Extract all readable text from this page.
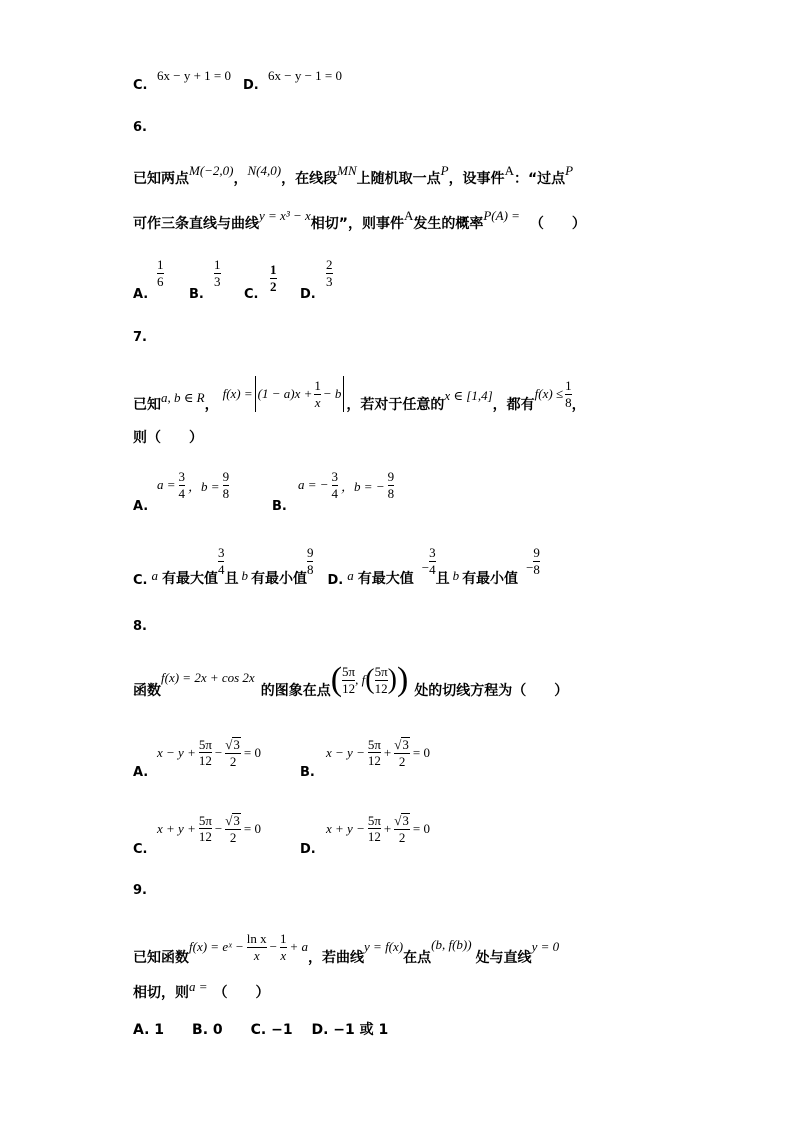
C.
6x − y + 1 = 0
D.
6x − y − 1 = 0
6.
已知两点M(−2,0)，N(4,0)，在线段MN上随机取一点P，设事件A：“过点P
可作三条直线与曲线y = x³ − x相切”，则事件A发生的概率P(A) =（　　）
A.
1
6
B.
1
3
C.
1
2
D.
2
3
7.
已知 a, b ∈ R ，
$f(x) = (1 - a)x + \frac{1}{x} - b$
，若对于任意的
x ∈ [1,4]
，都有
$f(x) \le \frac{1}{8}$ ，
则（　　）
A.
$a = \frac{3}{4}$ ，$b = \frac{9}{8}$
B.
a = − $\frac{3}{4}$ ，b = − $\frac{9}{8}$
C. a 有最大值
$\frac{3}{4}$
且 b 有最小值
$\frac{9}{8}$
D. a 有最大值
− $\frac{3}{4}$
且 b 有最小值
− $\frac{9}{8}$
8.
函数
f(x) = 2x + cos 2x
的图象在点 ( $\frac{5\pi}{12}$ , f ( $\frac{5\pi}{12}$ ) ) 处的切线方程为（　　）
A.
$x - y + \frac{5\pi}{12} - \frac{√3}{2} = 0$
B.
$x - y - \frac{5\pi}{12} + \frac{√3}{2} = 0$
C.
$x + y + \frac{5\pi}{12} - \frac{√3}{2} = 0$
D.
$x + y - \frac{5\pi}{12} + \frac{√3}{2} = 0$
9.
已知函数
f(x) = eˣ − $\frac{\text{ln x}}{x} - \frac{1}{x} + a$
，若曲线
y = f(x)
在点
(b, f(b))
处与直线
y = 0
相切，则a = （　　）
A. 1　　B. 0　　C. −1　 D. −1 或 1
